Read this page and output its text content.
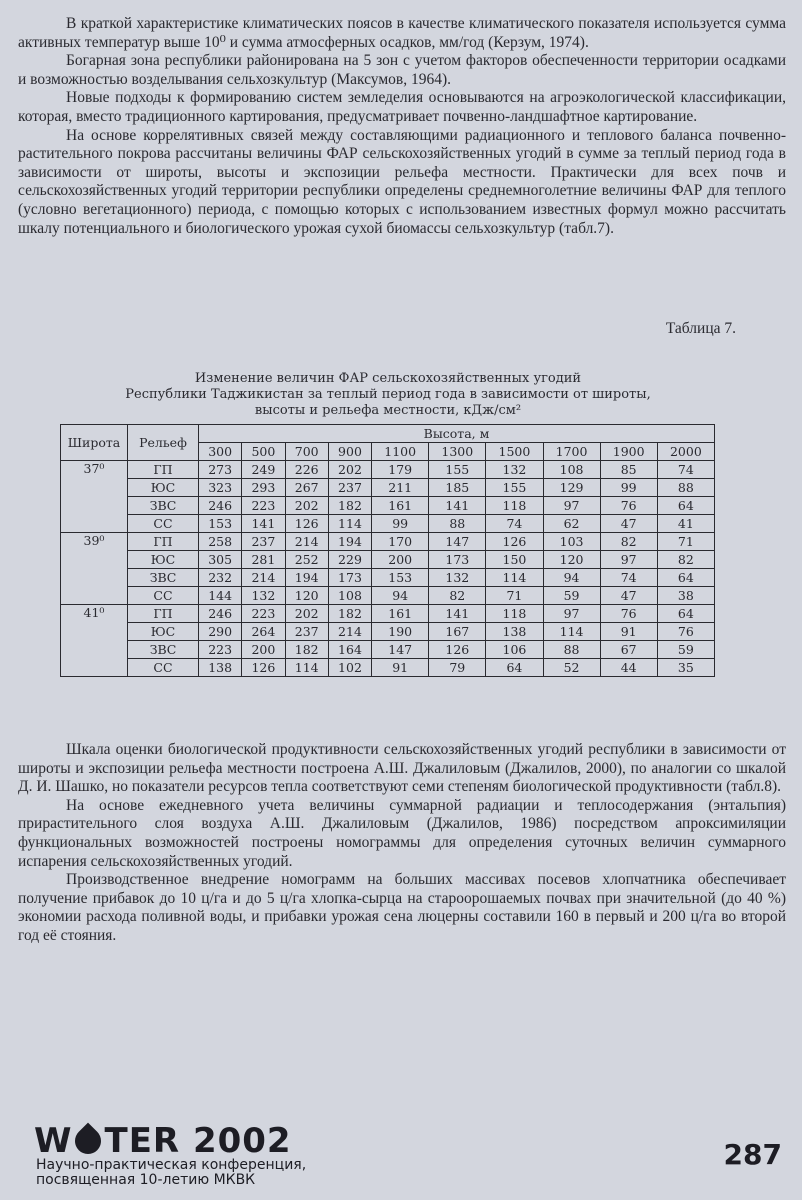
В краткой характеристике климатических поясов в качестве климатического показателя используется сумма активных температур выше 10⁰ и сумма атмосферных осадков, мм/год (Керзум, 1974).

Богарная зона республики районирована на 5 зон с учетом факторов обеспеченности территории осадками и возможностью возделывания сельхозкультур (Максумов, 1964).

Новые подходы к формированию систем земледелия основываются на агроэкологической классификации, которая, вместо традиционного картирования, предусматривает почвенно-ландшафтное картирование.

На основе коррелятивных связей между составляющими радиационного и теплового баланса почвенно-растительного покрова рассчитаны величины ФАР сельскохозяйственных угодий в сумме за теплый период года в зависимости от широты, высоты и экспозиции рельефа местности. Практически для всех почв и сельскохозяйственных угодий территории республики определены среднемноголетние величины ФАР для теплого (условно вегетационного) периода, с помощью которых с использованием известных формул можно рассчитать шкалу потенциального и биологического урожая сухой биомассы сельхозкультур (табл.7).

Таблица 7.
Изменение величин ФАР сельскохозяйственных угодий
Республики Таджикистан за теплый период года в зависимости от широты,
высоты и рельефа местности, кДж/см²
Широта	Рельеф	Высота, м									
		300	500	700	900	1100	1300	1500	1700	1900	2000
37⁰	ГП	273	249	226	202	179	155	132	108	85	74
	ЮС	323	293	267	237	211	185	155	129	99	88
	ЗВС	246	223	202	182	161	141	118	97	76	64
	СС	153	141	126	114	99	88	74	62	47	41
39⁰	ГП	258	237	214	194	170	147	126	103	82	71
	ЮС	305	281	252	229	200	173	150	120	97	82
	ЗВС	232	214	194	173	153	132	114	94	74	64
	СС	144	132	120	108	94	82	71	59	47	38
41⁰	ГП	246	223	202	182	161	141	118	97	76	64
	ЮС	290	264	237	214	190	167	138	114	91	76
	ЗВС	223	200	182	164	147	126	106	88	67	59
	СС	138	126	114	102	91	79	64	52	44	35

Шкала оценки биологической продуктивности сельскохозяйственных угодий республики в зависимости от широты и экспозиции рельефа местности построена А.Ш. Джалиловым (Джалилов, 2000), по аналогии со шкалой Д. И. Шашко, но показатели ресурсов тепла соответствуют семи степеням биологической продуктивности (табл.8).

На основе ежедневного учета величины суммарной радиации и теплосодержания (энтальпия) прирастительного слоя воздуха А.Ш. Джалиловым (Джалилов, 1986) посредством апроксимиляции функциональных возможностей построены номограммы для определения суточных величин суммарного испарения сельскохозяйственных угодий.

Производственное внедрение номограмм на больших массивах посевов хлопчатника обеспечивает получение прибавок до 10 ц/га и до 5 ц/га хлопка-сырца на староорошаемых почвах при значительной (до 40 %) экономии расхода поливной воды, и прибавки урожая сена люцерны составили 160 в первый и 200 ц/га во второй год её стояния.

W TER 2002
Научно-практическая конференция,
посвященная 10-летию МКВК
287
